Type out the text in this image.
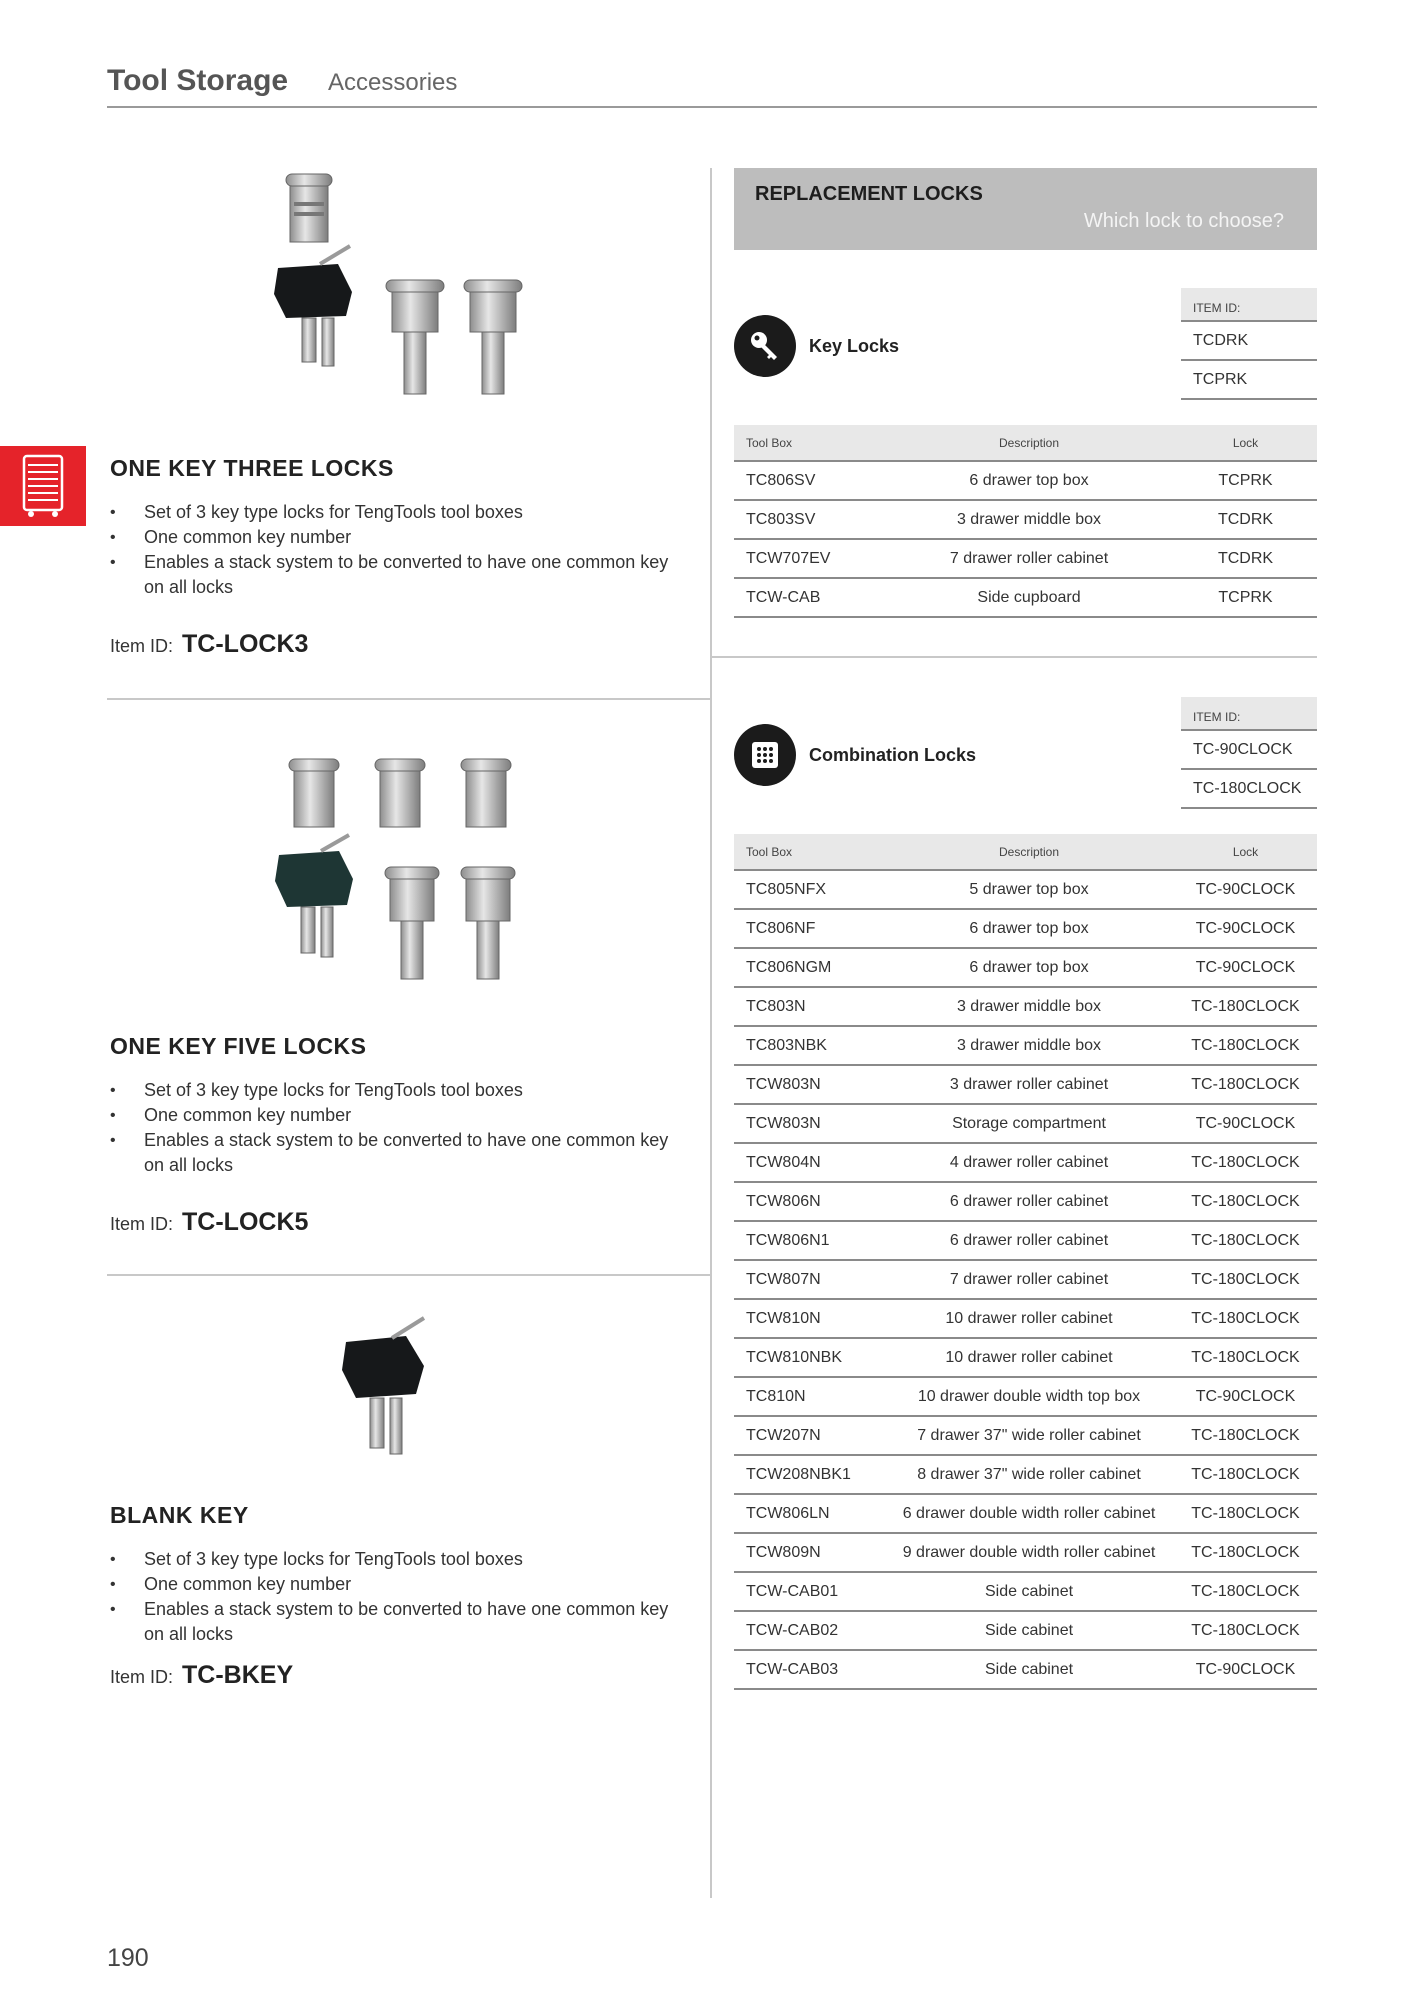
Tool Storage Accessories
ONE KEY THREE LOCKS
• Set of 3 key type locks for TengTools tool boxes
• One common key number
• Enables a stack system to be converted to have one common key on all locks
Item ID: TC-LOCK3
ONE KEY FIVE LOCKS
• Set of 3 key type locks for TengTools tool boxes
• One common key number
• Enables a stack system to be converted to have one common key on all locks
Item ID: TC-LOCK5
BLANK KEY
• Set of 3 key type locks for TengTools tool boxes
• One common key number
• Enables a stack system to be converted to have one common key on all locks
Item ID: TC-BKEY
REPLACEMENT LOCKS
Which lock to choose?
Key Locks
ITEM ID:
TCDRK
TCPRK
Tool Box	Description	Lock
TC806SV	6 drawer top box	TCPRK
TC803SV	3 drawer middle box	TCDRK
TCW707EV	7 drawer roller cabinet	TCDRK
TCW-CAB	Side cupboard	TCPRK
Combination Locks
ITEM ID:
TC-90CLOCK
TC-180CLOCK
Tool Box	Description	Lock
TC805NFX	5 drawer top box	TC-90CLOCK
TC806NF	6 drawer top box	TC-90CLOCK
TC806NGM	6 drawer top box	TC-90CLOCK
TC803N	3 drawer middle box	TC-180CLOCK
TC803NBK	3 drawer middle box	TC-180CLOCK
TCW803N	3 drawer roller cabinet	TC-180CLOCK
TCW803N	Storage compartment	TC-90CLOCK
TCW804N	4 drawer roller cabinet	TC-180CLOCK
TCW806N	6 drawer roller cabinet	TC-180CLOCK
TCW806N1	6 drawer roller cabinet	TC-180CLOCK
TCW807N	7 drawer roller cabinet	TC-180CLOCK
TCW810N	10 drawer roller cabinet	TC-180CLOCK
TCW810NBK	10 drawer roller cabinet	TC-180CLOCK
TC810N	10 drawer double width top box	TC-90CLOCK
TCW207N	7 drawer 37" wide roller cabinet	TC-180CLOCK
TCW208NBK1	8 drawer 37" wide roller cabinet	TC-180CLOCK
TCW806LN	6 drawer double width roller cabinet	TC-180CLOCK
TCW809N	9 drawer double width roller cabinet	TC-180CLOCK
TCW-CAB01	Side cabinet	TC-180CLOCK
TCW-CAB02	Side cabinet	TC-180CLOCK
TCW-CAB03	Side cabinet	TC-90CLOCK
190
